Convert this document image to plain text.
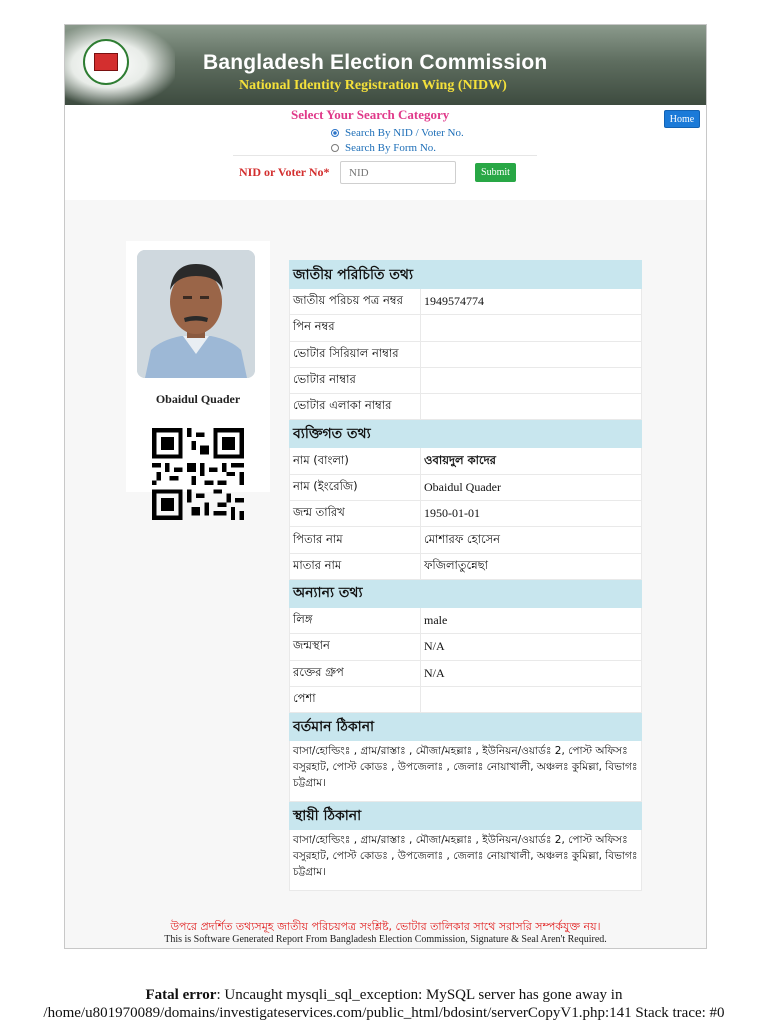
Bangladesh Election Commission
National Identity Registration Wing (NIDW)
Select Your Search Category
Search By NID / Voter No.
Search By Form No.
NID or Voter No*
NID	Submit
Home
Obaidul Quader
জাতীয় পরিচিতি তথ্য	
জাতীয় পরিচয় পত্র নম্বর	1949574774
পিন নম্বর	
ভোটার সিরিয়াল নাম্বার	
ভোটার নাম্বার	
ভোটার এলাকা নাম্বার	
ব্যক্তিগত তথ্য	
নাম (বাংলা)	ওবায়দুল কাদের
নাম (ইংরেজি)	Obaidul Quader
জন্ম তারিখ	1950-01-01
পিতার নাম	মোশারফ হোসেন
মাতার নাম	ফজিলাতুন্নেছা
অন্যান্য তথ্য	
লিঙ্গ	male
জন্মস্থান	N/A
রক্তের গ্রুপ	N/A
পেশা	
বর্তমান ঠিকানা	
বাসা/হোল্ডিংঃ , গ্রাম/রাস্তাঃ , মৌজা/মহল্লাঃ , ইউনিয়ন/ওয়ার্ডঃ 2, পোস্ট অফিসঃ বসুরহাট, পোস্ট কোডঃ , উপজেলাঃ , জেলাঃ নোয়াখালী, অঞ্চলঃ কুমিল্লা, বিভাগঃ চট্টগ্রাম।	
স্থায়ী ঠিকানা	
বাসা/হোল্ডিংঃ , গ্রাম/রাস্তাঃ , মৌজা/মহল্লাঃ , ইউনিয়ন/ওয়ার্ডঃ 2, পোস্ট অফিসঃ বসুরহাট, পোস্ট কোডঃ , উপজেলাঃ , জেলাঃ নোয়াখালী, অঞ্চলঃ কুমিল্লা, বিভাগঃ চট্টগ্রাম।	
উপরে প্রদর্শিত তথ্যসমূহ জাতীয় পরিচয়পত্র সংশ্লিষ্ট, ভোটার তালিকার সাথে সরাসরি সম্পর্কযুক্ত নয়।
This is Software Generated Report From Bangladesh Election Commission, Signature & Seal Aren't Required.
Fatal error: Uncaught mysqli_sql_exception: MySQL server has gone away in
/home/u801970089/domains/investigateservices.com/public_html/bdosint/serverCopyV1.php:141 Stack trace: #0
